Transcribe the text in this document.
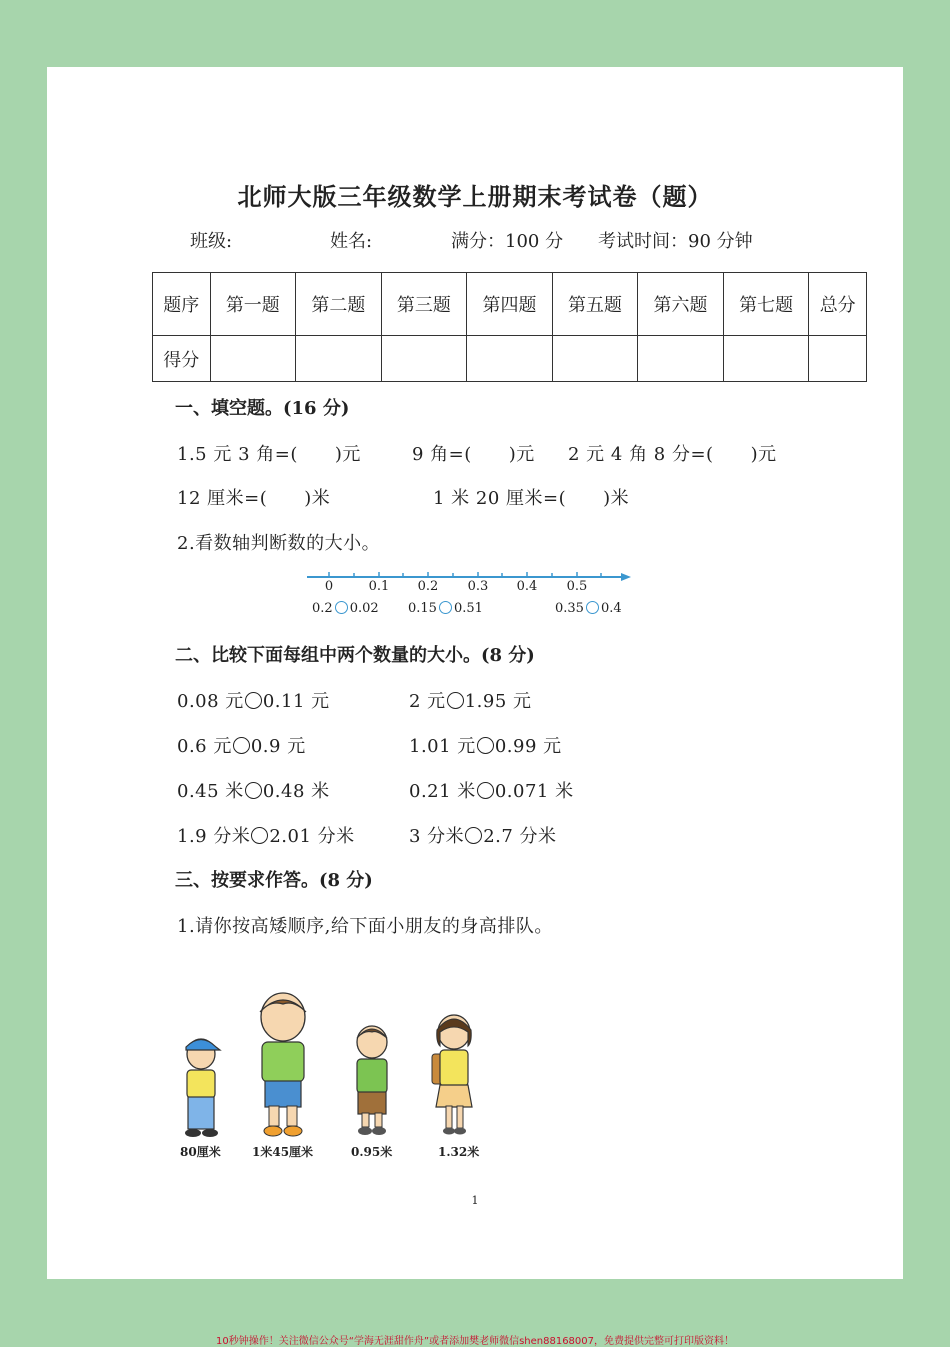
北师大版三年级数学上册期末考试卷（题）
班级:	姓名:	满分：100 分 考试时间：90 分钟
题序	第一题	第二题	第三题	第四题	第五题	第六题	第七题	总分
得分								
一、填空题。(16 分)
1.5 元 3 角=(　　)元	9 角=(　　)元 2 元 4 角 8 分=(　　)元
12 厘米=(　　)米	1 米 20 厘米=(　　)米
2.看数轴判断数的大小。
0	0.1 0.2 0.3 0.4 0.5
0.2 0.02 0.15 0.51	0.35 0.4
二、比较下面每组中两个数量的大小。(8 分)
0.08 元 0.11 元	2 元 1.95 元
0.6 元 0.9 元	1.01 元 0.99 元
0.45 米 0.48 米	0.21 米 0.071 米
1.9 分米 2.01 分米	3 分米 2.7 分米
三、按要求作答。(8 分)
1.请你按高矮顺序,给下面小朋友的身高排队。
80厘米	1米45厘米	0.95米	1.32米
1
10秒钟操作！关注微信公众号“学海无涯甜作舟”或者添加樊老师微信shen88168007，免费提供完整可打印版资料！
